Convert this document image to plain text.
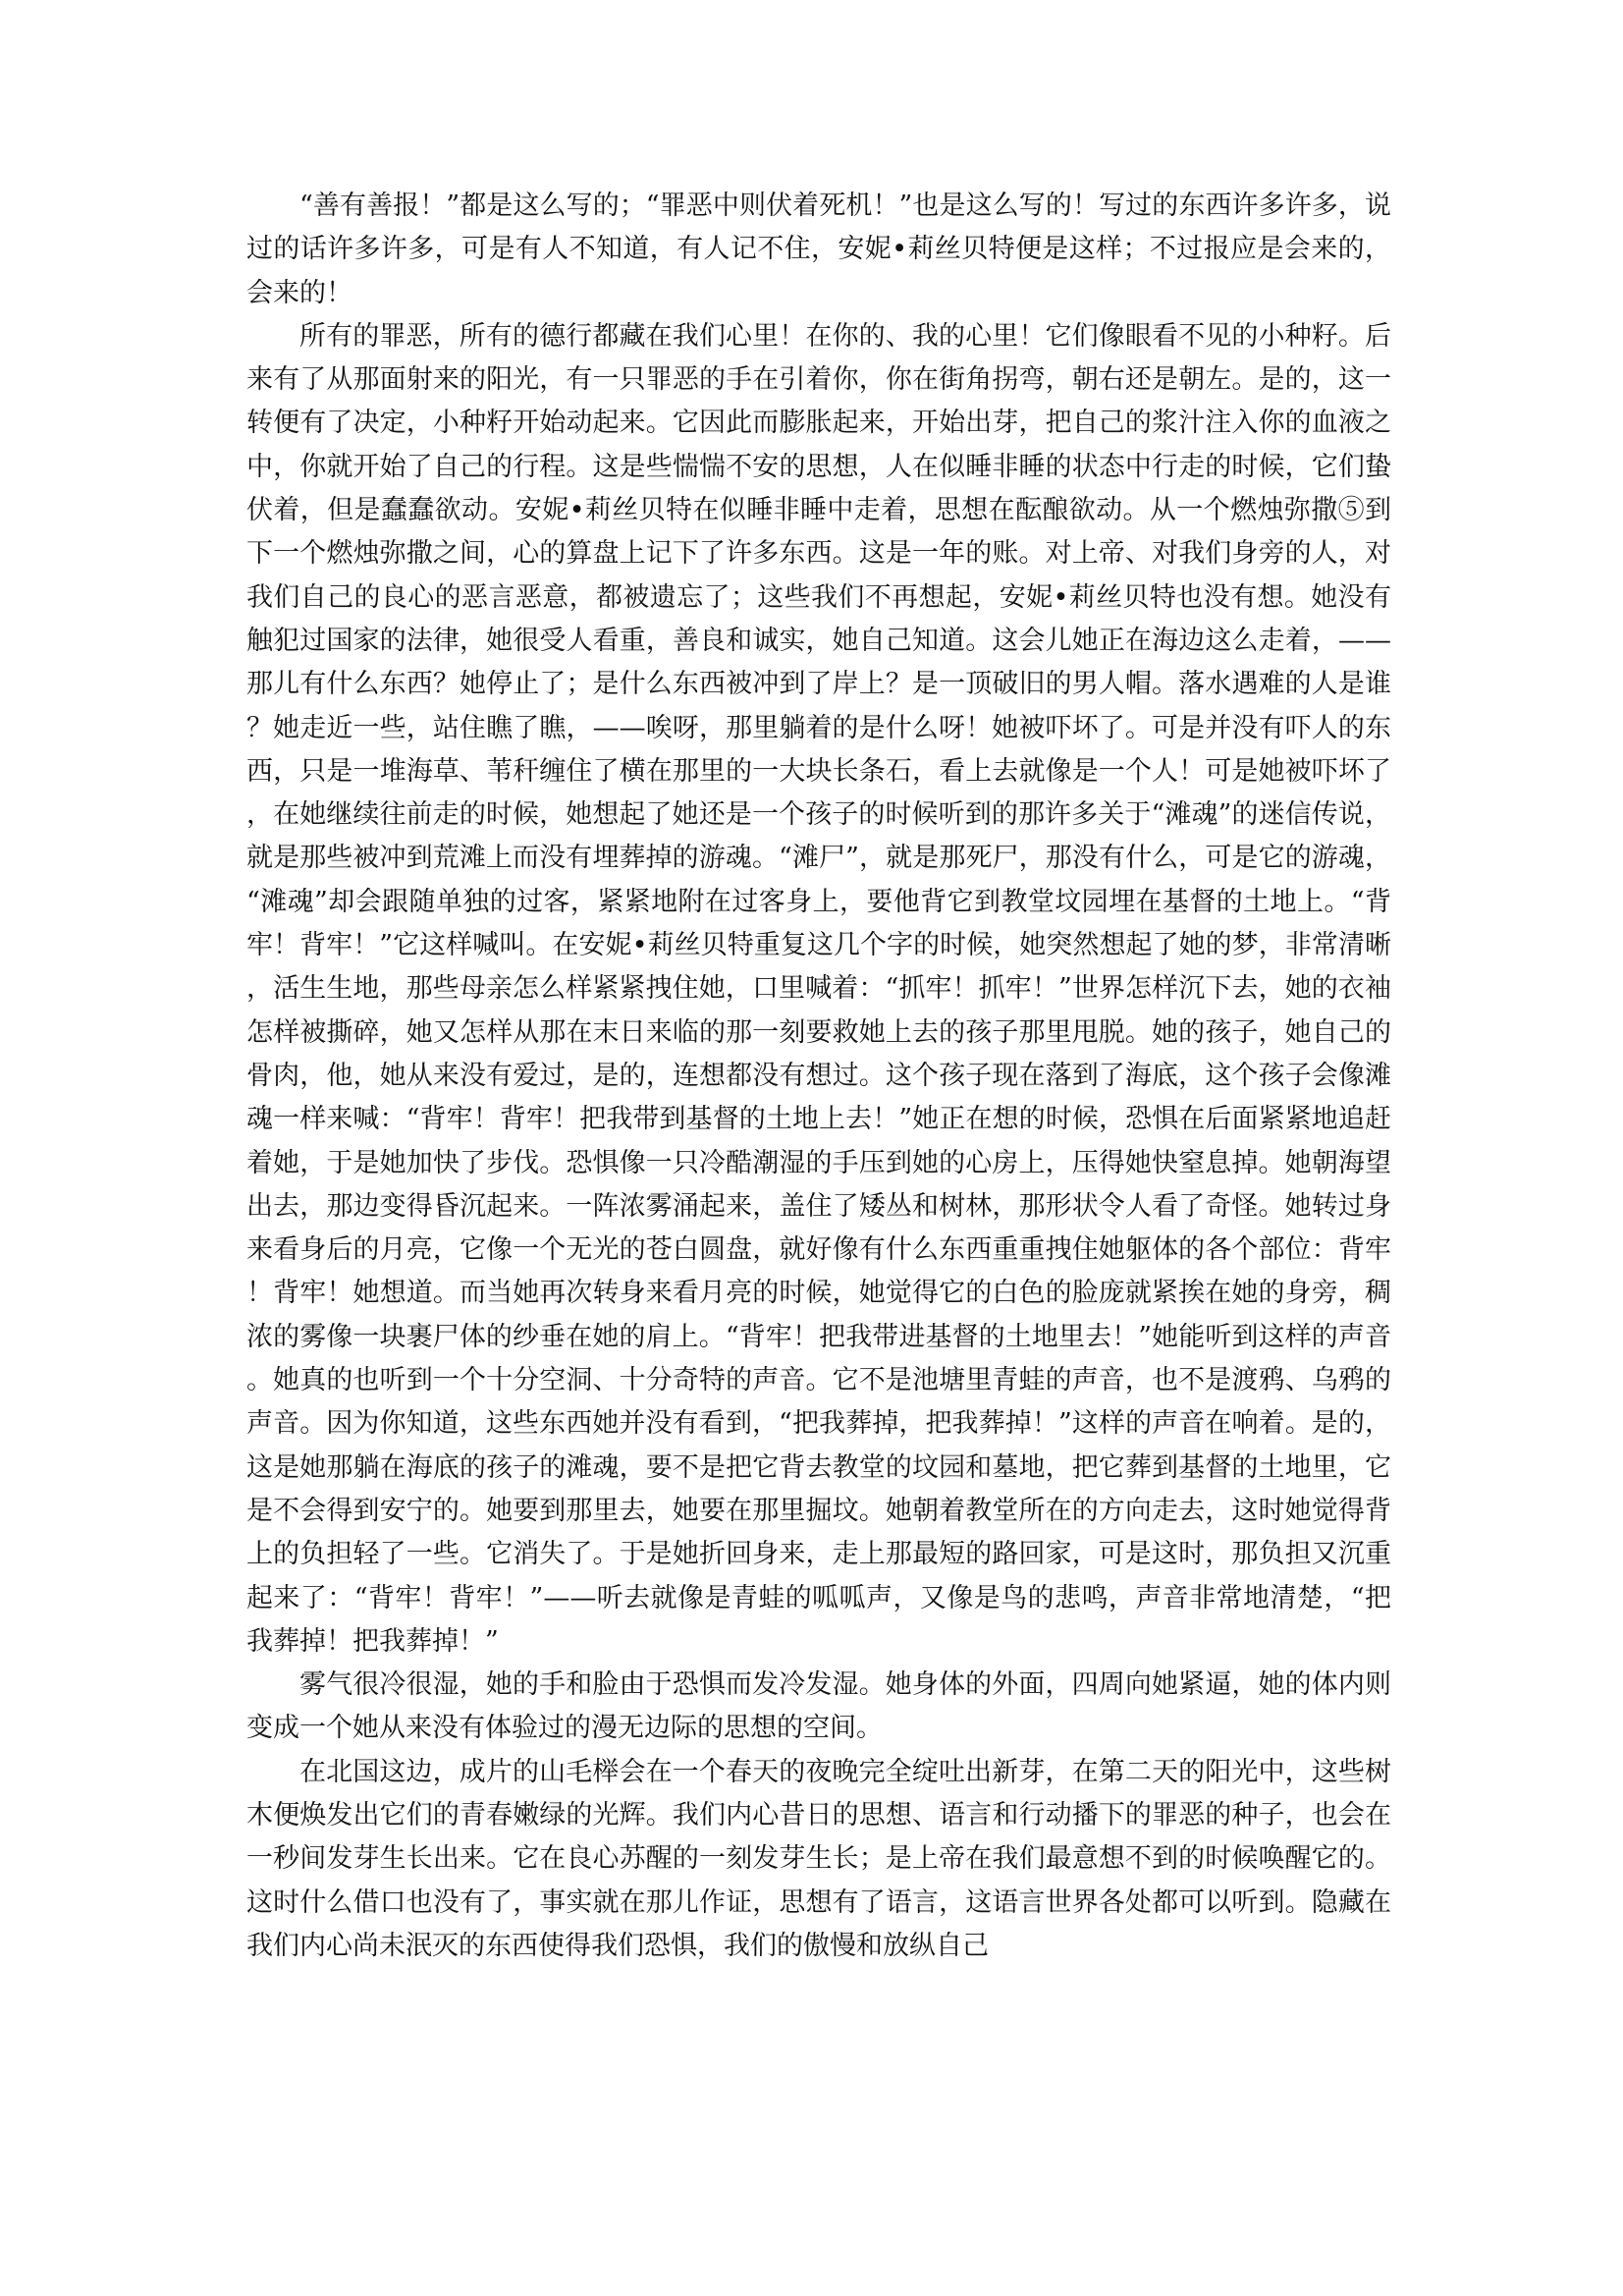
“善有善报！”都是这么写的；“罪恶中则伏着死机！”也是这么写的！写过的东西许多许多，说过的话许多许多，可是有人不知道，有人记不住，安妮•莉丝贝特便是这样；不过报应是会来的，会来的！

所有的罪恶，所有的德行都藏在我们心里！在你的、我的心里！它们像眼看不见的小种籽。后来有了从那面射来的阳光，有一只罪恶的手在引着你，你在街角拐弯，朝右还是朝左。是的，这一转便有了决定，小种籽开始动起来。它因此而膨胀起来，开始出芽，把自己的浆汁注入你的血液之中，你就开始了自己的行程。这是些惴惴不安的思想，人在似睡非睡的状态中行走的时候，它们蛰伏着，但是蠢蠢欲动。安妮•莉丝贝特在似睡非睡中走着，思想在酝酿欲动。从一个燃烛弥撒⑤到下一个燃烛弥撒之间，心的算盘上记下了许多东西。这是一年的账。对上帝、对我们身旁的人，对我们自己的良心的恶言恶意，都被遗忘了；这些我们不再想起，安妮•莉丝贝特也没有想。她没有触犯过国家的法律，她很受人看重，善良和诚实，她自己知道。这会儿她正在海边这么走着，——那儿有什么东西？她停止了；是什么东西被冲到了岸上？是一顶破旧的男人帽。落水遇难的人是谁？她走近一些，站住瞧了瞧，——唉呀，那里躺着的是什么呀！她被吓坏了。可是并没有吓人的东西，只是一堆海草、苇秆缠住了横在那里的一大块长条石，看上去就像是一个人！可是她被吓坏了，在她继续往前走的时候，她想起了她还是一个孩子的时候听到的那许多关于“滩魂”的迷信传说，就是那些被冲到荒滩上而没有埋葬掉的游魂。“滩尸”，就是那死尸，那没有什么，可是它的游魂，“滩魂”却会跟随单独的过客，紧紧地附在过客身上，要他背它到教堂坟园埋在基督的土地上。“背牢！背牢！”它这样喊叫。在安妮•莉丝贝特重复这几个字的时候，她突然想起了她的梦，非常清晰，活生生地，那些母亲怎么样紧紧拽住她，口里喊着：“抓牢！抓牢！”世界怎样沉下去，她的衣袖怎样被撕碎，她又怎样从那在末日来临的那一刻要救她上去的孩子那里甩脱。她的孩子，她自己的骨肉，他，她从来没有爱过，是的，连想都没有想过。这个孩子现在落到了海底，这个孩子会像滩魂一样来喊：“背牢！背牢！把我带到基督的土地上去！”她正在想的时候，恐惧在后面紧紧地追赶着她，于是她加快了步伐。恐惧像一只冷酷潮湿的手压到她的心房上，压得她快窒息掉。她朝海望出去，那边变得昏沉起来。一阵浓雾涌起来，盖住了矮丛和树林，那形状令人看了奇怪。她转过身来看身后的月亮，它像一个无光的苍白圆盘，就好像有什么东西重重拽住她躯体的各个部位：背牢！背牢！她想道。而当她再次转身来看月亮的时候，她觉得它的白色的脸庞就紧挨在她的身旁，稠浓的雾像一块裹尸体的纱垂在她的肩上。“背牢！把我带进基督的土地里去！”她能听到这样的声音。她真的也听到一个十分空洞、十分奇特的声音。它不是池塘里青蛙的声音，也不是渡鸦、乌鸦的声音。因为你知道，这些东西她并没有看到，“把我葬掉，把我葬掉！”这样的声音在响着。是的，这是她那躺在海底的孩子的滩魂，要不是把它背去教堂的坟园和墓地，把它葬到基督的土地里，它是不会得到安宁的。她要到那里去，她要在那里掘坟。她朝着教堂所在的方向走去，这时她觉得背上的负担轻了一些。它消失了。于是她折回身来，走上那最短的路回家，可是这时，那负担又沉重起来了：“背牢！背牢！”——听去就像是青蛙的呱呱声，又像是鸟的悲鸣，声音非常地清楚，“把我葬掉！把我葬掉！”

雾气很冷很湿，她的手和脸由于恐惧而发冷发湿。她身体的外面，四周向她紧逼，她的体内则变成一个她从来没有体验过的漫无边际的思想的空间。

在北国这边，成片的山毛榉会在一个春天的夜晚完全绽吐出新芽，在第二天的阳光中，这些树木便焕发出它们的青春嫩绿的光辉。我们内心昔日的思想、语言和行动播下的罪恶的种子，也会在一秒间发芽生长出来。它在良心苏醒的一刻发芽生长；是上帝在我们最意想不到的时候唤醒它的。这时什么借口也没有了，事实就在那儿作证，思想有了语言，这语言世界各处都可以听到。隐藏在我们内心尚未泯灭的东西使得我们恐惧，我们的傲慢和放纵自己
